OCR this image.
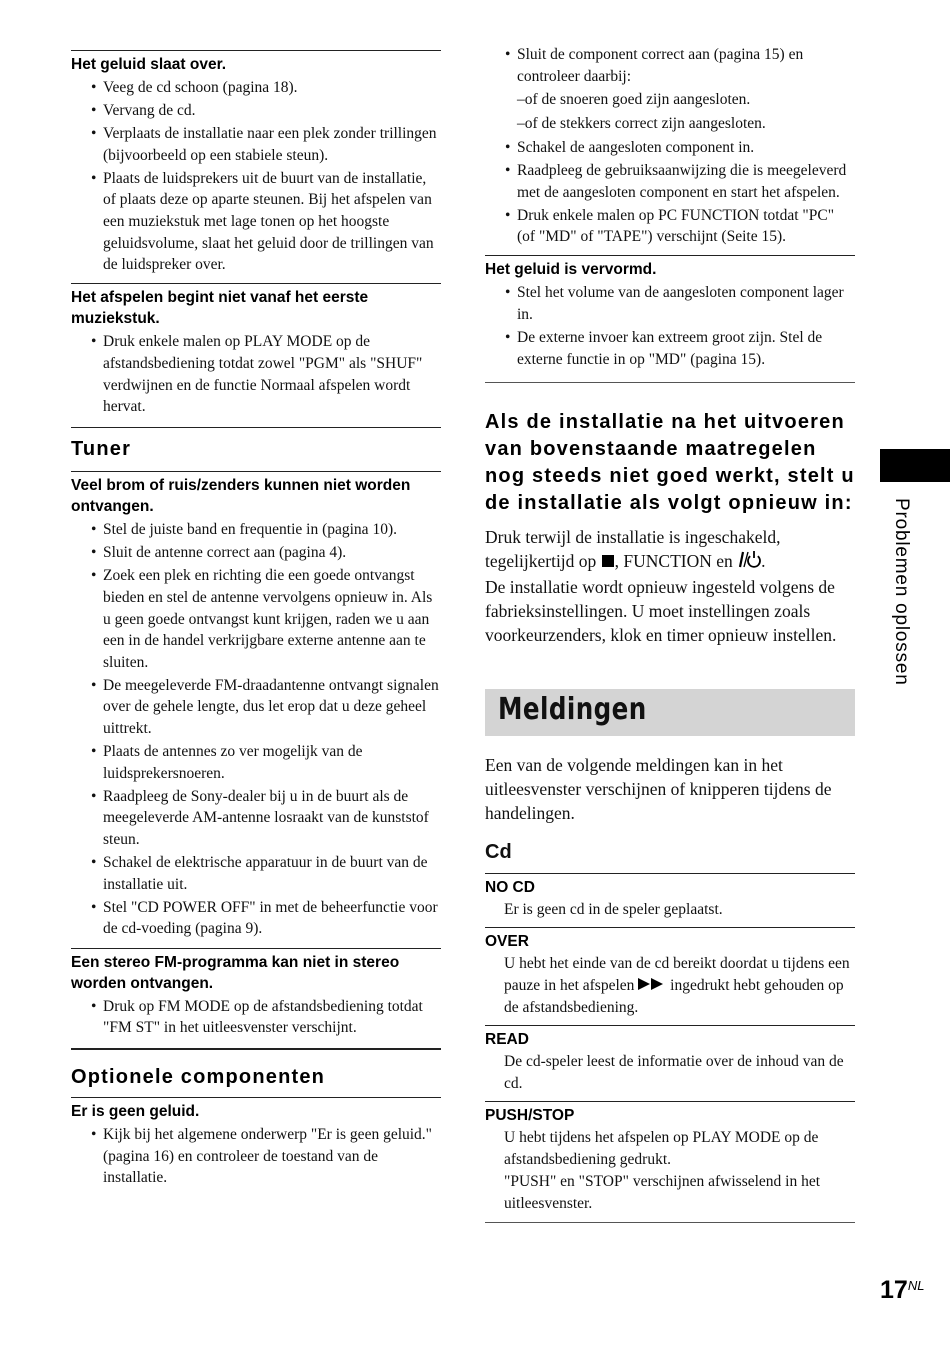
Het geluid slaat over.
• Veeg de cd schoon (pagina 18).
• Vervang de cd.
• Verplaats de installatie naar een plek zonder trillingen (bijvoorbeeld op een stabiele steun).
• Plaats de luidsprekers uit de buurt van de installatie, of plaats deze op aparte steunen. Bij het afspelen van een muziekstuk met lage tonen op het hoogste geluidsvolume, slaat het geluid door de trillingen van de luidspreker over.
Het afspelen begint niet vanaf het eerste muziekstuk.
• Druk enkele malen op PLAY MODE op de afstandsbediening totdat zowel "PGM" als "SHUF" verdwijnen en de functie Normaal afspelen wordt hervat.
Tuner
Veel brom of ruis/zenders kunnen niet worden ontvangen.
• Stel de juiste band en frequentie in (pagina 10).
• Sluit de antenne correct aan (pagina 4).
• Zoek een plek en richting die een goede ontvangst bieden en stel de antenne vervolgens opnieuw in. Als u geen goede ontvangst kunt krijgen, raden we u aan een in de handel verkrijgbare externe antenne aan te sluiten.
• De meegeleverde FM-draadantenne ontvangt signalen over de gehele lengte, dus let erop dat u deze geheel uittrekt.
• Plaats de antennes zo ver mogelijk van de luidsprekersnoeren.
• Raadpleeg de Sony-dealer bij u in de buurt als de meegeleverde AM-antenne losraakt van de kunststof steun.
• Schakel de elektrische apparatuur in de buurt van de installatie uit.
• Stel "CD POWER OFF" in met de beheerfunctie voor de cd-voeding (pagina 9).
Een stereo FM-programma kan niet in stereo worden ontvangen.
• Druk op FM MODE op de afstandsbediening totdat "FM ST" in het uitleesvenster verschijnt.
Optionele componenten
Er is geen geluid.
• Kijk bij het algemene onderwerp "Er is geen geluid." (pagina 16) en controleer de toestand van de installatie.
• Sluit de component correct aan (pagina 15) en controleer daarbij:
–of de snoeren goed zijn aangesloten.
–of de stekkers correct zijn aangesloten.
• Schakel de aangesloten component in.
• Raadpleeg de gebruiksaanwijzing die is meegeleverd met de aangesloten component en start het afspelen.
• Druk enkele malen op PC FUNCTION totdat "PC" (of "MD" of "TAPE") verschijnt (Seite 15).
Het geluid is vervormd.
• Stel het volume van de aangesloten component lager in.
• De externe invoer kan extreem groot zijn. Stel de externe functie in op "MD" (pagina 15).
Als de installatie na het uitvoeren van bovenstaande maatregelen nog steeds niet goed werkt, stelt u de installatie als volgt opnieuw in:

Druk terwijl de installatie is ingeschakeld, tegelijkertijd op , FUNCTION en .

De installatie wordt opnieuw ingesteld volgens de fabrieksinstellingen. U moet instellingen zoals voorkeurzenders, klok en timer opnieuw instellen.

Meldingen

Een van de volgende meldingen kan in het uitleesvenster verschijnen of knipperen tijdens de handelingen.

Cd
NO CD
Er is geen cd in de speler geplaatst.
OVER
U hebt het einde van de cd bereikt doordat u tijdens een pauze in het afspelen  ingedrukt hebt gehouden op de afstandsbediening.
READ
De cd-speler leest de informatie over de inhoud van de cd.
PUSH/STOP
U hebt tijdens het afspelen op PLAY MODE op de afstandsbediening gedrukt.
"PUSH" en "STOP" verschijnen afwisselend in het uitleesvenster.
Problemen oplossen
$17^{NL}$
